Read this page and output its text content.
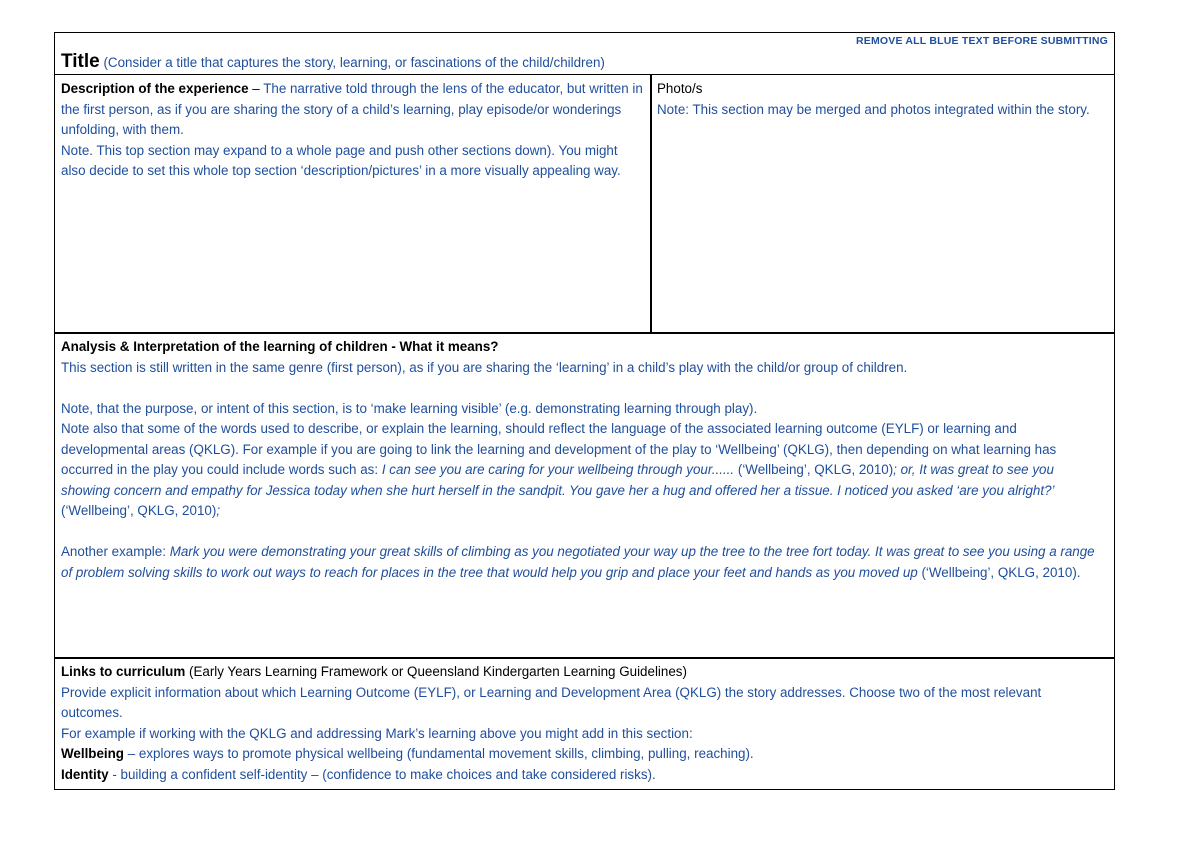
REMOVE ALL BLUE TEXT BEFORE SUBMITTING
Title (Consider a title that captures the story, learning, or fascinations of the child/children)

Description of the experience – The narrative told through the lens of the educator, but written in the first person, as if you are sharing the story of a child’s learning, play episode/or wonderings unfolding, with them.

Note. This top section may expand to a whole page and push other sections down). You might also decide to set this whole top section ‘description/pictures’ in a more visually appealing way.

Photo/s

Note: This section may be merged and photos integrated within the story.

Analysis & Interpretation of the learning of children - What it means?

This section is still written in the same genre (first person), as if you are sharing the ‘learning’ in a child’s play with the child/or group of children.

Note, that the purpose, or intent of this section, is to ‘make learning visible’ (e.g. demonstrating learning through play).

Note also that some of the words used to describe, or explain the learning, should reflect the language of the associated learning outcome (EYLF) or learning and developmental areas (QKLG). For example if you are going to link the learning and development of the play to ‘Wellbeing’ (QKLG), then depending on what learning has occurred in the play you could include words such as: I can see you are caring for your wellbeing through your...... (‘Wellbeing’, QKLG, 2010); or, It was great to see you showing concern and empathy for Jessica today when she hurt herself in the sandpit. You gave her a hug and offered her a tissue. I noticed you asked ‘are you alright?’ (‘Wellbeing’, QKLG, 2010);

Another example: Mark you were demonstrating your great skills of climbing as you negotiated your way up the tree to the tree fort today. It was great to see you using a range of problem solving skills to work out ways to reach for places in the tree that would help you grip and place your feet and hands as you moved up (‘Wellbeing’, QKLG, 2010).

Links to curriculum (Early Years Learning Framework or Queensland Kindergarten Learning Guidelines)

Provide explicit information about which Learning Outcome (EYLF), or Learning and Development Area (QKLG) the story addresses. Choose two of the most relevant outcomes.

For example if working with the QKLG and addressing Mark’s learning above you might add in this section:

Wellbeing – explores ways to promote physical wellbeing (fundamental movement skills, climbing, pulling, reaching).

Identity - building a confident self-identity – (confidence to make choices and take considered risks).
